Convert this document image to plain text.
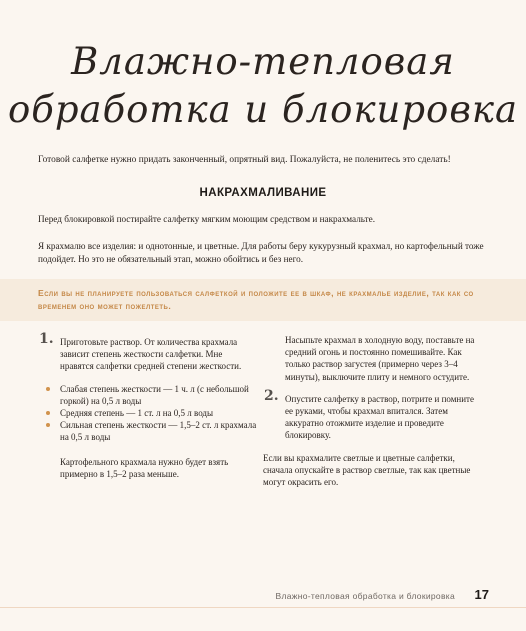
Влажно-тепловая
обработка и блокировка

Готовой салфетке нужно придать законченный, опрятный вид. Пожалуйста, не поленитесь это сделать!

НАКРАХМАЛИВАНИЕ

Перед блокировкой постирайте салфетку мягким моющим средством и накрахмальте.

Я крахмалю все изделия: и однотонные, и цветные. Для работы беру кукурузный крахмал, но картофельный тоже подойдет. Но это не обязательный этап, можно обойтись и без него.

Если вы не планируете пользоваться салфеткой и положите ее в шкаф, не крахмалье изделие, так как со временем оно может пожелтеть.

1. Приготовьте раствор. От количества крахмала зависит степень жесткости салфетки. Мне нравятся салфетки средней степени жесткости.

Слабая степень жесткости — 1 ч. л (с небольшой горкой) на 0,5 л воды
Средняя степень — 1 ст. л на 0,5 л воды
Сильная степень жесткости — 1,5–2 ст. л крахмала на 0,5 л воды

Картофельного крахмала нужно будет взять примерно в 1,5–2 раза меньше.

Насыпьте крахмал в холодную воду, поставьте на средний огонь и постоянно помешивайте. Как только раствор загустея (примерно через 3–4 минуты), выключите плиту и немного остудите.

2. Опустите салфетку в раствор, потрите и помните ее руками, чтобы крахмал впитался. Затем аккуратно отожмите изделие и проведите блокировку.

Если вы крахмалите светлые и цветные салфетки, сначала опускайте в раствор светлые, так как цветные могут окрасить его.

Влажно-тепловая обработка и блокировка 17
